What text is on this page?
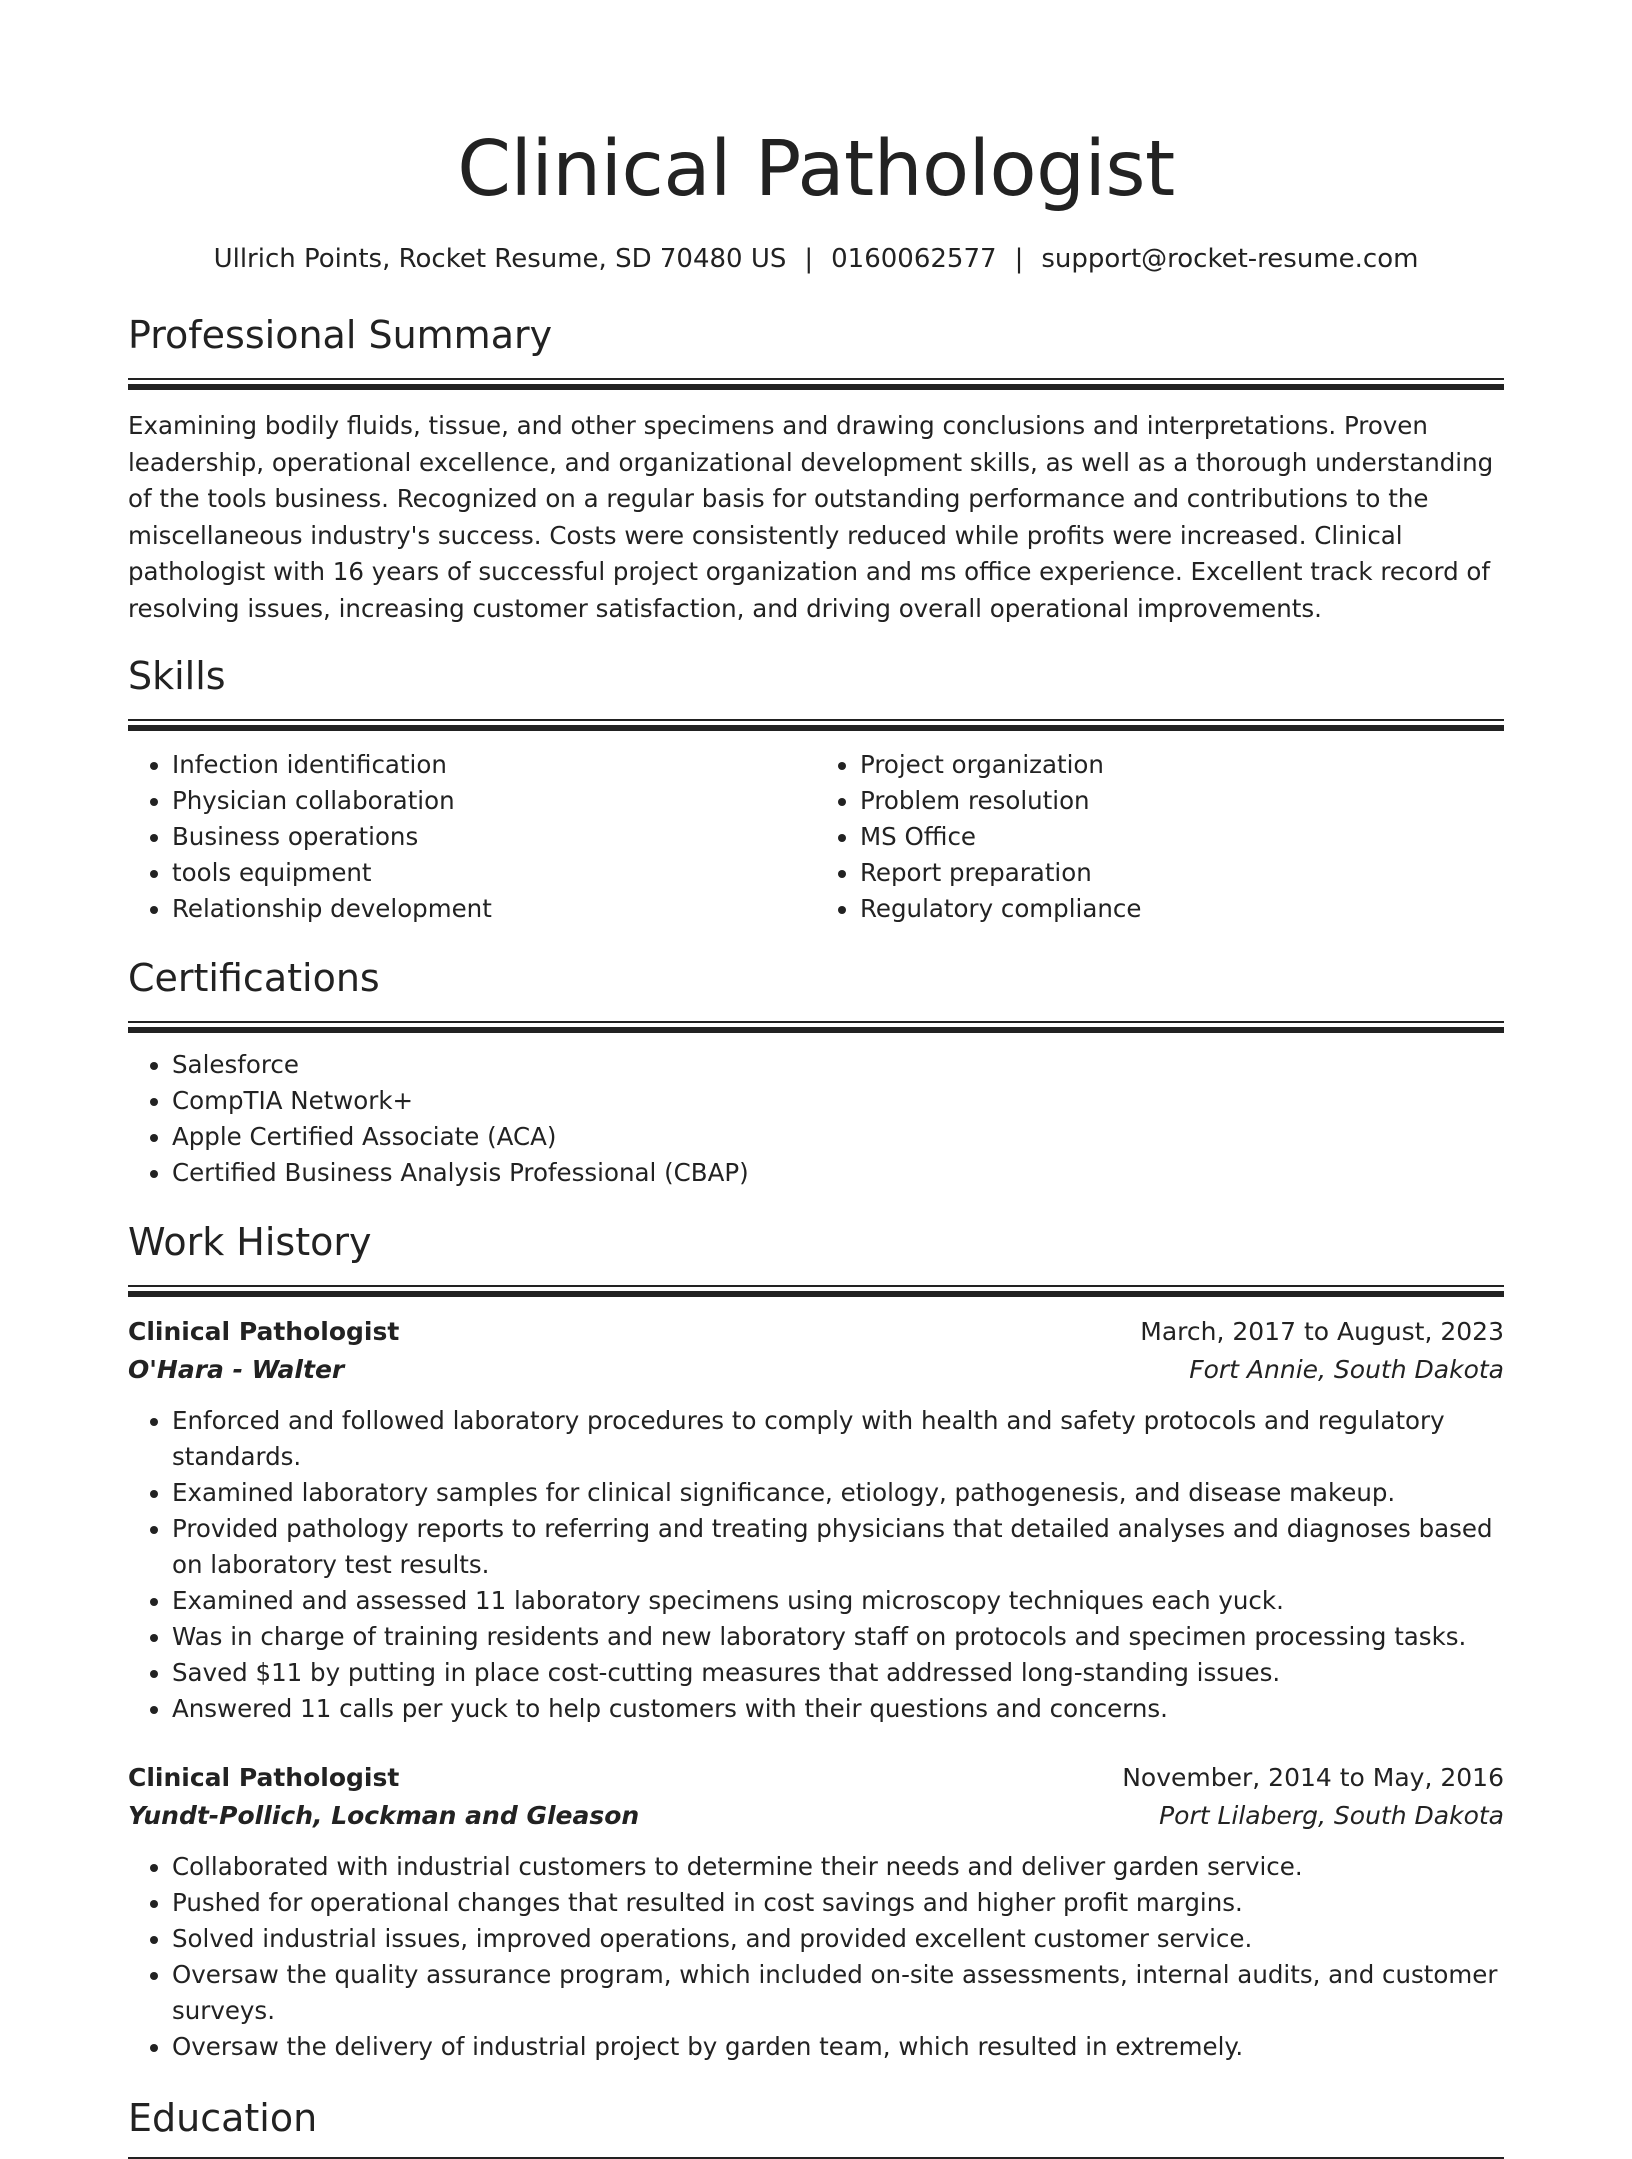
Clinical Pathologist
Ullrich Points, Rocket Resume, SD 70480 US | 0160062577 | support@rocket-resume.com
Professional Summary

Examining bodily fluids, tissue, and other specimens and drawing conclusions and interpretations. Proven leadership, operational excellence, and organizational development skills, as well as a thorough understanding of the tools business. Recognized on a regular basis for outstanding performance and contributions to the miscellaneous industry's success. Costs were consistently reduced while profits were increased. Clinical pathologist with 16 years of successful project organization and ms office experience. Excellent track record of resolving issues, increasing customer satisfaction, and driving overall operational improvements.

Skills
• Infection identification
• Physician collaboration
• Business operations
• tools equipment
• Relationship development
• Project organization
• Problem resolution
• MS Office
• Report preparation
• Regulatory compliance
Certifications
• Salesforce
• CompTIA Network+
• Apple Certified Associate (ACA)
• Certified Business Analysis Professional (CBAP)
Work History
Clinical Pathologist	March, 2017 to August, 2023
O'Hara - Walter	Fort Annie, South Dakota
• Enforced and followed laboratory procedures to comply with health and safety protocols and regulatory standards.
• Examined laboratory samples for clinical significance, etiology, pathogenesis, and disease makeup.
• Provided pathology reports to referring and treating physicians that detailed analyses and diagnoses based on laboratory test results.
• Examined and assessed 11 laboratory specimens using microscopy techniques each yuck.
• Was in charge of training residents and new laboratory staff on protocols and specimen processing tasks.
• Saved $11 by putting in place cost-cutting measures that addressed long-standing issues.
• Answered 11 calls per yuck to help customers with their questions and concerns.
Clinical Pathologist	November, 2014 to May, 2016
Yundt-Pollich, Lockman and Gleason	Port Lilaberg, South Dakota
• Collaborated with industrial customers to determine their needs and deliver garden service.
• Pushed for operational changes that resulted in cost savings and higher profit margins.
• Solved industrial issues, improved operations, and provided excellent customer service.
• Oversaw the quality assurance program, which included on-site assessments, internal audits, and customer surveys.
• Oversaw the delivery of industrial project by garden team, which resulted in extremely.
Education
